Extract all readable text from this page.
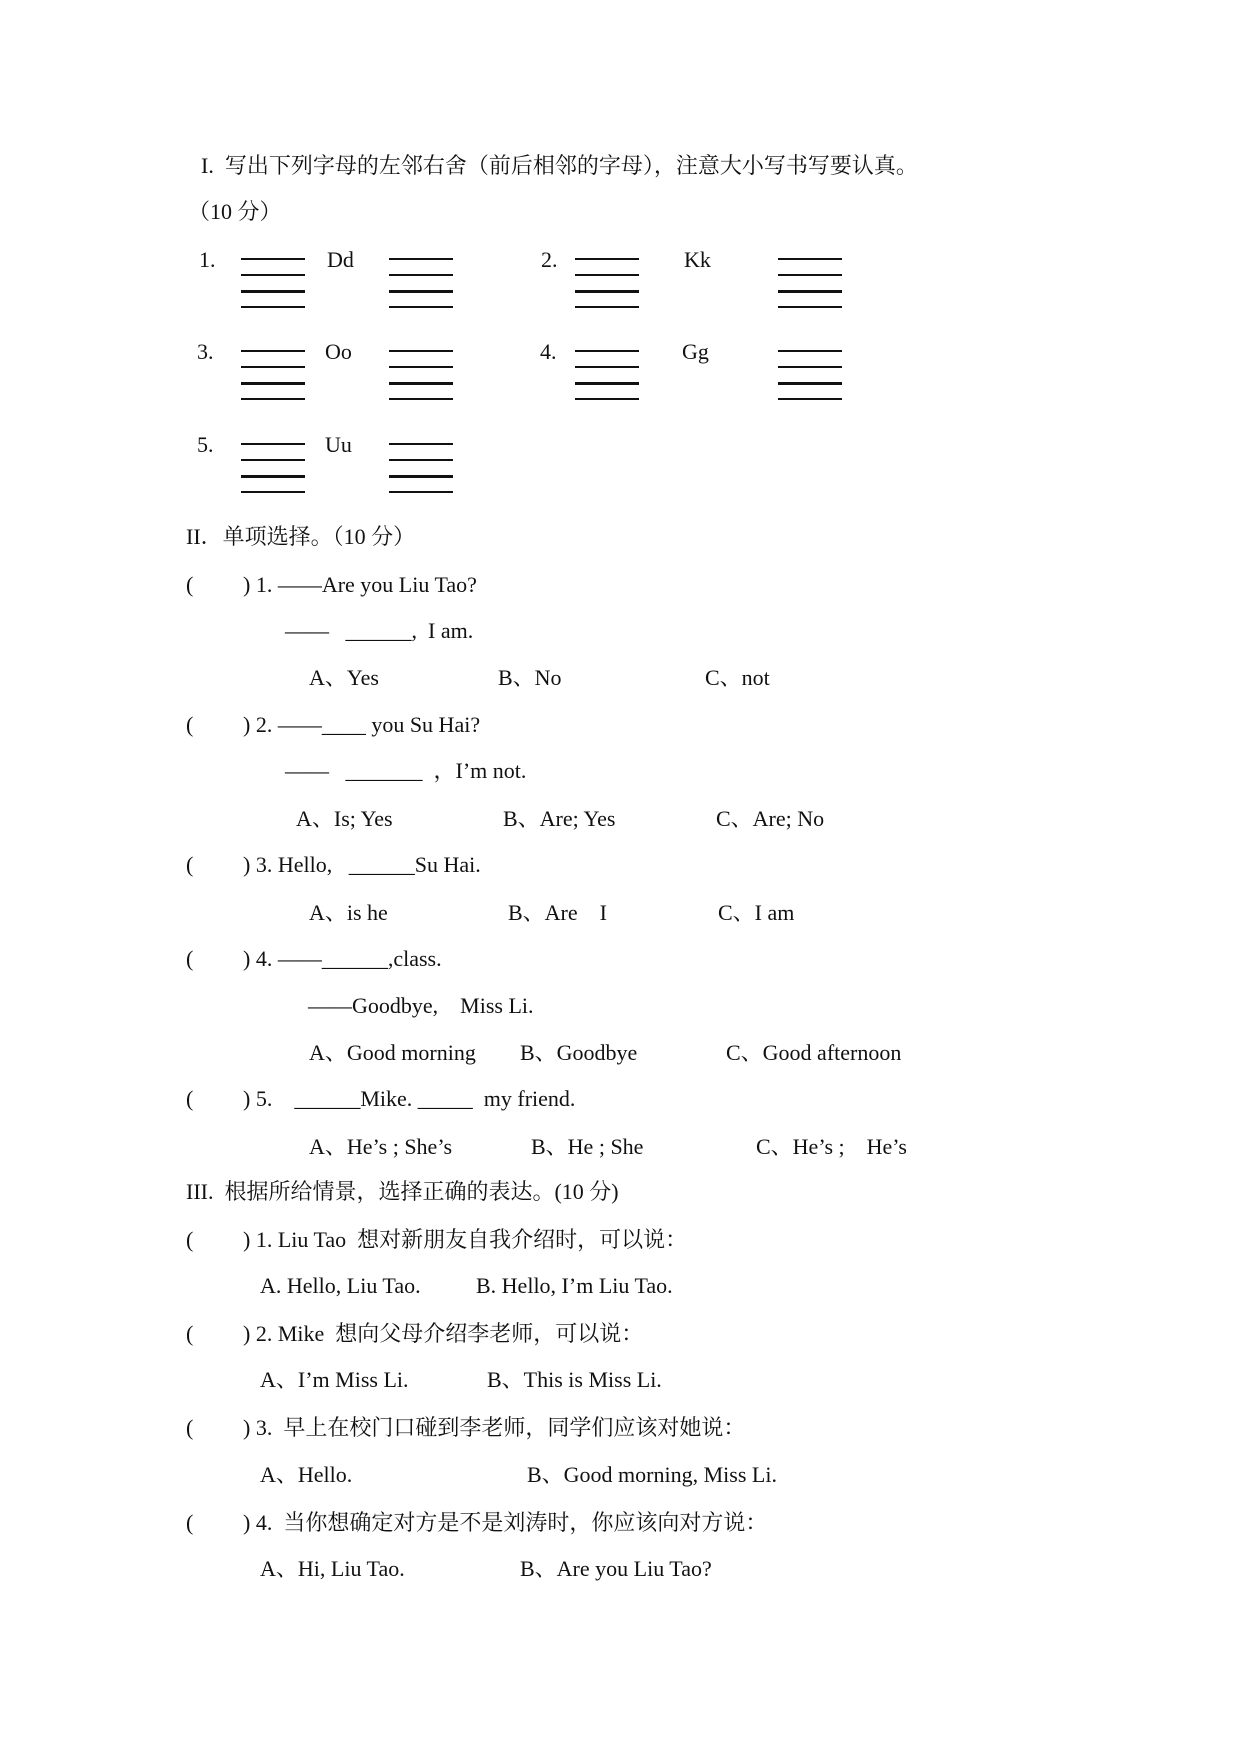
I.  写出下列字母的左邻右舍（前后相邻的字母），注意大小写书写要认真。
（10 分）
1.	Dd	2.	Kk
3.	Oo	4.	Gg
5.	Uu
II．单项选择。（10 分）
( ) 1. ——Are you Liu Tao?
——   ______,  I am.
A、Yes	B、No	C、not
( ) 2. ——____ you Su Hai?
——   _______  ，I’m not.
A、Is; Yes	B、Are; Yes	C、Are; No
( ) 3. Hello,   ______Su Hai.
A、is he	B、Are    I	C、I am
( ) 4. ——______,class.
——Goodbye,    Miss Li.
A、Good morning B、Goodbye	C、Good afternoon
( ) 5.    ______Mike. _____  my friend.
A、He’s ; She’s	B、He ; She	C、He’s ;    He’s
III.  根据所给情景，选择正确的表达。(10 分)
( ) 1. Liu Tao  想对新朋友自我介绍时，可以说：
A. Hello, Liu Tao.	B. Hello, I’m Liu Tao.
( ) 2. Mike  想向父母介绍李老师，可以说：
A、I’m Miss Li.	B、This is Miss Li.
( ) 3.  早上在校门口碰到李老师，同学们应该对她说：
A、Hello.	B、Good morning, Miss Li.
( ) 4.  当你想确定对方是不是刘涛时，你应该向对方说：
A、Hi, Liu Tao.	B、Are you Liu Tao?
